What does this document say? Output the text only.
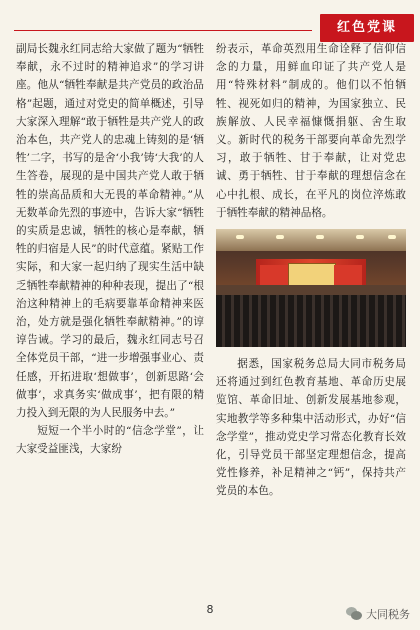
红色党课

副局长魏永红同志给大家做了题为“牺牲奉献，永不过时的精神追求”的学习讲座。他从“牺牲奉献是共产党员的政治品格”起题，通过对党史的简单概述，引导大家深入理解“敢于牺牲是共产党人的政治本色，共产党人的忠魂上铸刻的是‘牺牲’二字，书写的是舍‘小我’铸‘大我’的人生答卷，展现的是中国共产党人敢于牺牲的崇高品质和大无畏的革命精神。”从无数革命先烈的事迹中，告诉大家“牺牲的实质是忠诚，牺牲的核心是奉献，牺牲的归宿是人民”的时代意蕴。紧贴工作实际，和大家一起归纳了现实生活中缺乏牺牲奉献精神的种种表现，提出了“根治这种精神上的毛病要靠革命精神来医治，处方就是强化牺牲奉献精神。”的谆谆告诫。学习的最后，魏永红同志号召全体党员干部，“进一步增强事业心、责任感，开拓进取‘想做事’，创新思路‘会做事’，求真务实‘做成事’，把有限的精力投入到无限的为人民服务中去。”

短短一个半小时的“信念学堂”，让大家受益匪浅，大家纷

纷表示，革命英烈用生命诠释了信仰信念的力量，用鲜血印证了共产党人是用“特殊材料”制成的。他们以不怕牺牲、视死如归的精神，为国家独立、民族解放、人民幸福慷慨捐躯、舍生取义。新时代的税务干部要向革命先烈学习，敢于牺牲、甘于奉献，让对党忠诚、勇于牺牲、甘于奉献的理想信念在心中扎根、成长，在平凡的岗位淬炼敢于牺牲奉献的精神品格。

据悉，国家税务总局大同市税务局还将通过到红色教育基地、革命历史展览馆、革命旧址、创新发展基地参观，实地教学等多种集中活动形式，办好“信念学堂”，推动党史学习常态化教育长效化，引导党员干部坚定理想信念，提高党性修养，补足精神之“钙”，保持共产党员的本色。

8	大同税务
